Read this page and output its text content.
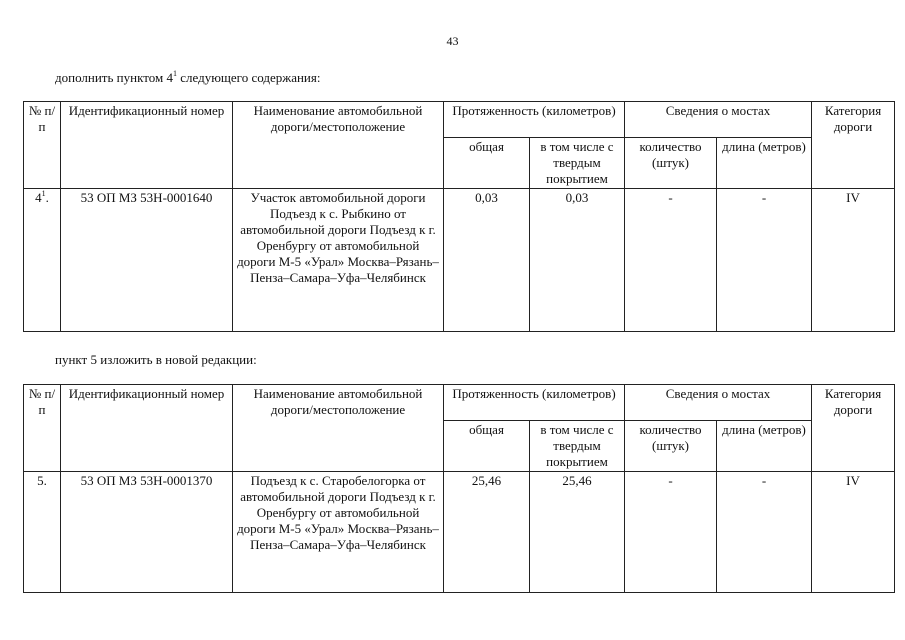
43
дополнить пунктом $4^1$ следующего содержания:
№ п/п	Идентификационный номер	Наименование автомобильной дороги/местоположение	Протяженность (километров)		Сведения о мостах		Категория дороги
			общая	в том числе с твердым покрытием	количество (штук)	длина (метров)	
$4^1$.	53 ОП МЗ 53Н-0001640	Участок автомобильной дороги Подъезд к с. Рыбкино от автомобильной дороги Подъезд к г. Оренбургу от автомобильной дороги М-5 «Урал» Москва–Рязань–Пенза–Самара–Уфа–Челябинск	0,03	0,03	-	-	IV
пункт 5 изложить в новой редакции:
№ п/п	Идентификационный номер	Наименование автомобильной дороги/местоположение	Протяженность (километров)		Сведения о мостах		Категория дороги
			общая	в том числе с твердым покрытием	количество (штук)	длина (метров)	
5.	53 ОП МЗ 53Н-0001370	Подъезд к с. Старобелогорка от автомобильной дороги Подъезд к г. Оренбургу от автомобильной дороги М-5 «Урал» Москва–Рязань–Пенза–Самара–Уфа–Челябинск	25,46	25,46	-	-	IV
